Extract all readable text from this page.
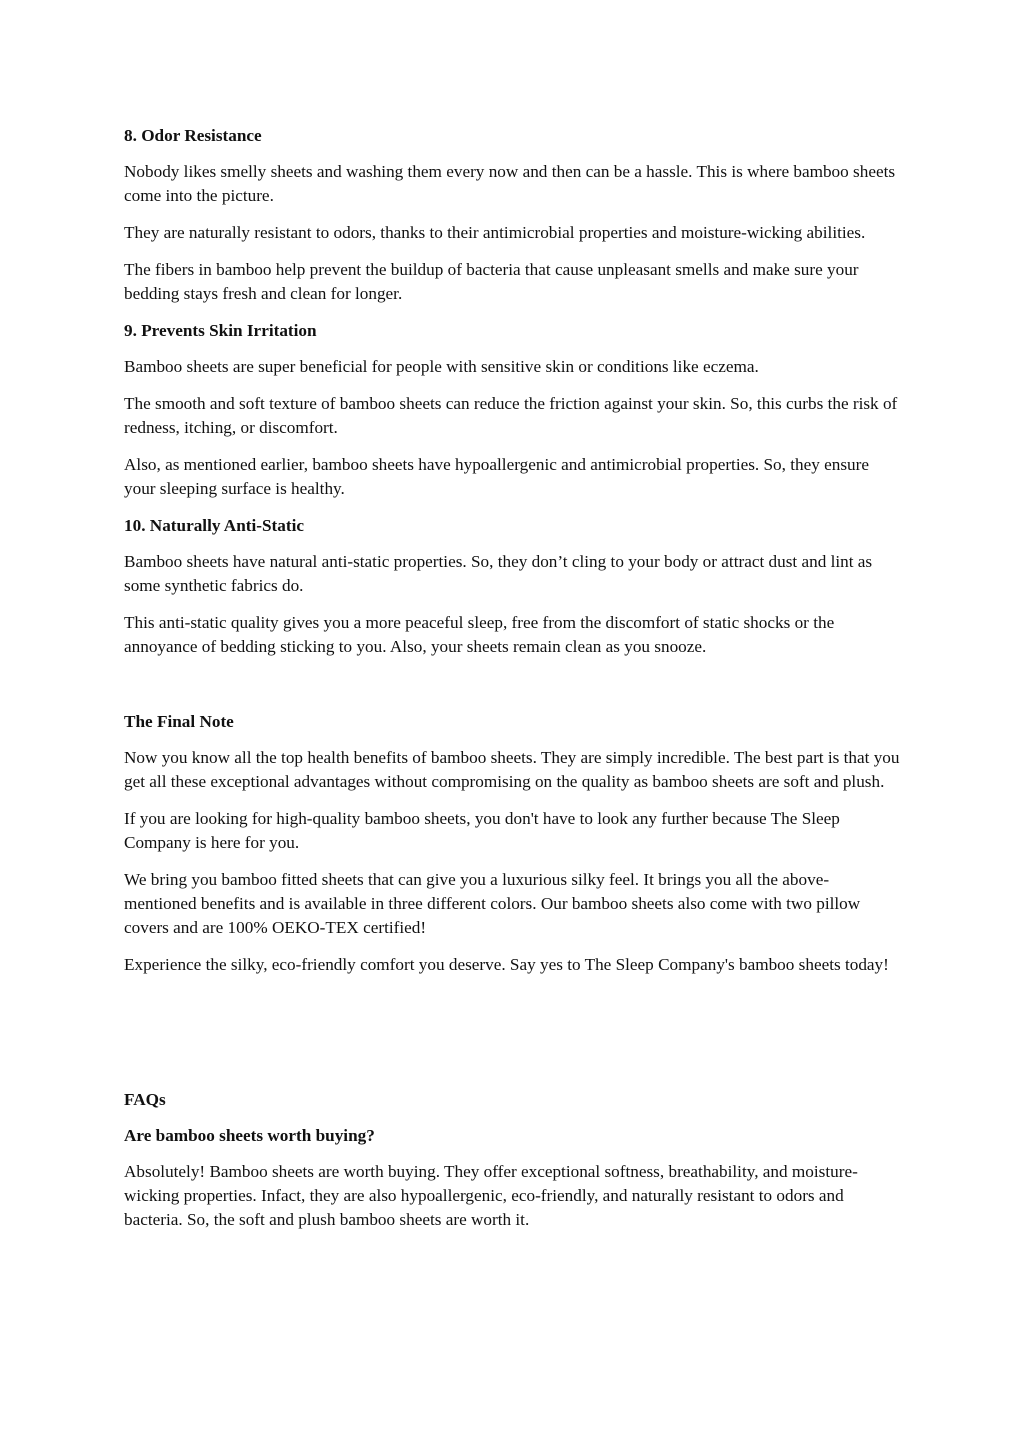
8. Odor Resistance

Nobody likes smelly sheets and washing them every now and then can be a hassle. This is where bamboo sheets come into the picture.

They are naturally resistant to odors, thanks to their antimicrobial properties and moisture-wicking abilities.

The fibers in bamboo help prevent the buildup of bacteria that cause unpleasant smells and make sure your bedding stays fresh and clean for longer.

9. Prevents Skin Irritation

Bamboo sheets are super beneficial for people with sensitive skin or conditions like eczema.

The smooth and soft texture of bamboo sheets can reduce the friction against your skin. So, this curbs the risk of redness, itching, or discomfort.

Also, as mentioned earlier, bamboo sheets have hypoallergenic and antimicrobial properties. So, they ensure your sleeping surface is healthy.

10. Naturally Anti-Static

Bamboo sheets have natural anti-static properties. So, they don’t cling to your body or attract dust and lint as some synthetic fabrics do.

This anti-static quality gives you a more peaceful sleep, free from the discomfort of static shocks or the annoyance of bedding sticking to you. Also, your sheets remain clean as you snooze.

The Final Note

Now you know all the top health benefits of bamboo sheets. They are simply incredible. The best part is that you get all these exceptional advantages without compromising on the quality as bamboo sheets are soft and plush.

If you are looking for high-quality bamboo sheets, you don't have to look any further because The Sleep Company is here for you.

We bring you bamboo fitted sheets that can give you a luxurious silky feel. It brings you all the above-mentioned benefits and is available in three different colors. Our bamboo sheets also come with two pillow covers and are 100% OEKO-TEX certified!

Experience the silky, eco-friendly comfort you deserve. Say yes to The Sleep Company's bamboo sheets today!

FAQs

Are bamboo sheets worth buying?

Absolutely! Bamboo sheets are worth buying. They offer exceptional softness, breathability, and moisture-wicking properties. Infact, they are also hypoallergenic, eco-friendly, and naturally resistant to odors and bacteria. So, the soft and plush bamboo sheets are worth it.
